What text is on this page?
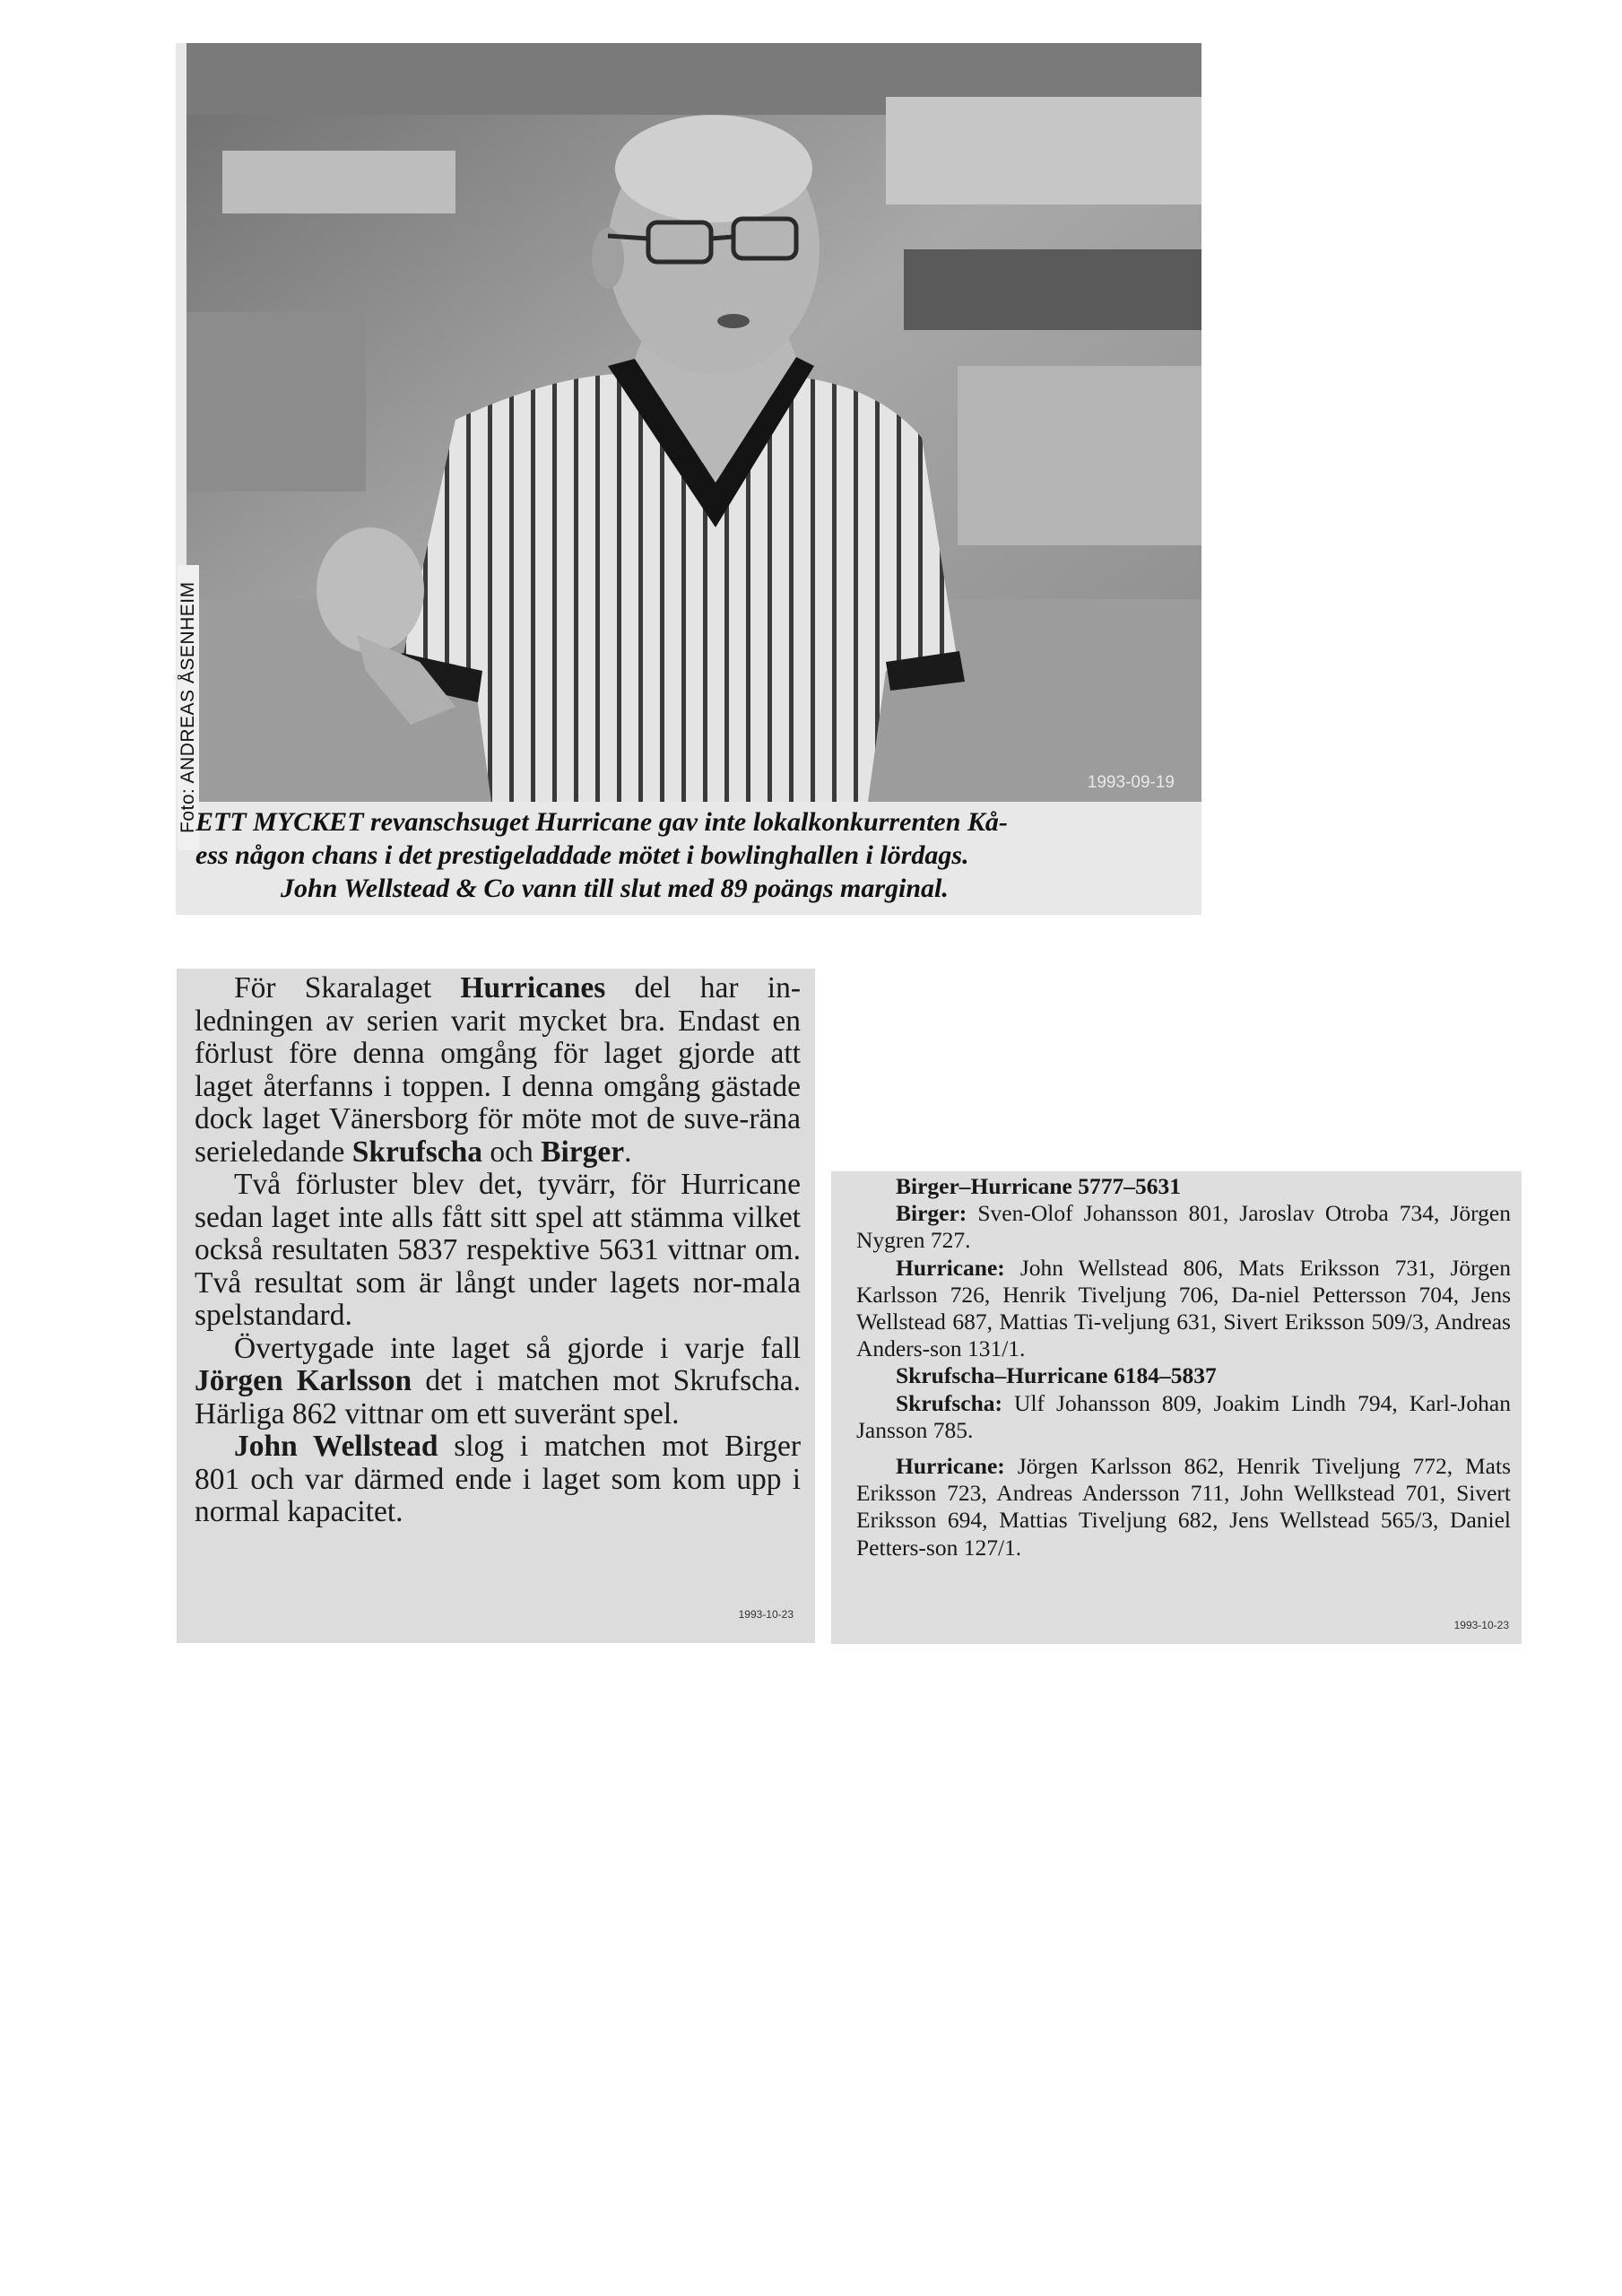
1993-09-19
Foto: ANDREAS ÅSENHEIM

ETT MYCKET revanschsuget Hurricane gav inte lokalkonkurrenten Kå-

ess någon chans i det prestigeladdade mötet i bowlinghallen i lördags.

John Wellstead & Co vann till slut med 89 poängs marginal.

För Skaralaget Hurricanes del har in-ledningen av serien varit mycket bra. Endast en förlust före denna omgång för laget gjorde att laget återfanns i toppen. I denna omgång gästade dock laget Vänersborg för möte mot de suve-räna serieledande Skrufscha och Birger.

Två förluster blev det, tyvärr, för Hurricane sedan laget inte alls fått sitt spel att stämma vilket också resultaten 5837 respektive 5631 vittnar om. Två resultat som är långt under lagets nor-mala spelstandard.

Övertygade inte laget så gjorde i varje fall Jörgen Karlsson det i matchen mot Skrufscha. Härliga 862 vittnar om ett suveränt spel.

John Wellstead slog i matchen mot Birger 801 och var därmed ende i laget som kom upp i normal kapacitet.

1993-10-23

Birger–Hurricane 5777–5631

Birger: Sven-Olof Johansson 801, Jaroslav Otroba 734, Jörgen Nygren 727.

Hurricane: John Wellstead 806, Mats Eriksson 731, Jörgen Karlsson 726, Henrik Tiveljung 706, Da-niel Pettersson 704, Jens Wellstead 687, Mattias Ti-veljung 631, Sivert Eriksson 509/3, Andreas Anders-son 131/1.

Skrufscha–Hurricane 6184–5837

Skrufscha: Ulf Johansson 809, Joakim Lindh 794, Karl-Johan Jansson 785.

Hurricane: Jörgen Karlsson 862, Henrik Tiveljung 772, Mats Eriksson 723, Andreas Andersson 711, John Wellkstead 701, Sivert Eriksson 694, Mattias Tiveljung 682, Jens Wellstead 565/3, Daniel Petters-son 127/1.

1993-10-23
